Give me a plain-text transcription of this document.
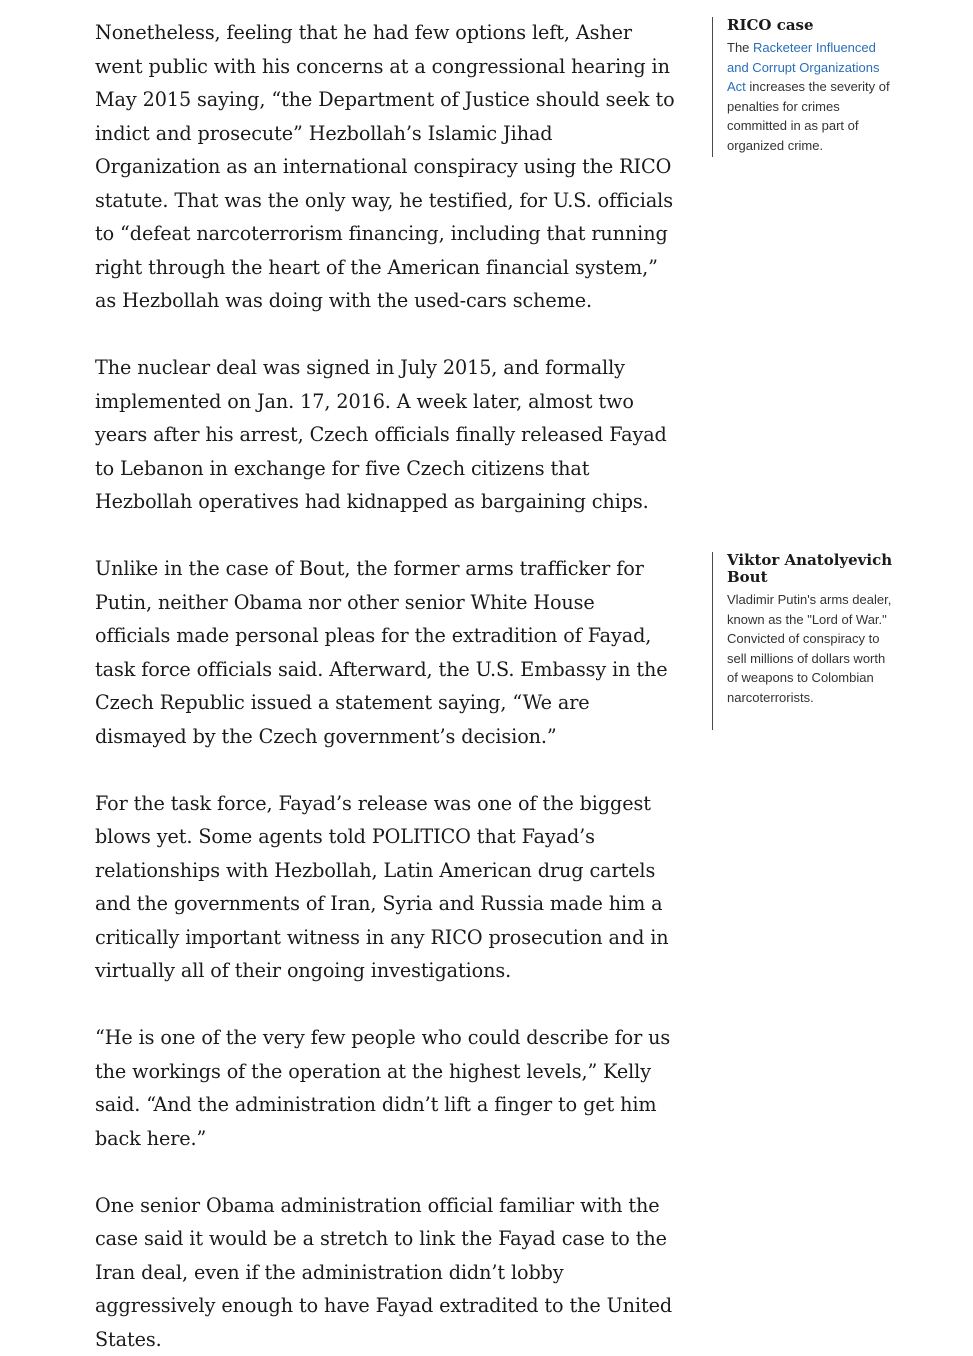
Nonetheless, feeling that he had few options left, Asher went public with his concerns at a congressional hearing in May 2015 saying, “the Department of Justice should seek to indict and prosecute” Hezbollah’s Islamic Jihad Organization as an international conspiracy using the RICO statute. That was the only way, he testified, for U.S. officials to “defeat narcoterrorism financing, including that running right through the heart of the American financial system,” as Hezbollah was doing with the used-cars scheme.

The nuclear deal was signed in July 2015, and formally implemented on Jan. 17, 2016. A week later, almost two years after his arrest, Czech officials finally released Fayad to Lebanon in exchange for five Czech citizens that Hezbollah operatives had kidnapped as bargaining chips.

Unlike in the case of Bout, the former arms trafficker for Putin, neither Obama nor other senior White House officials made personal pleas for the extradition of Fayad, task force officials said. Afterward, the U.S. Embassy in the Czech Republic issued a statement saying, “We are dismayed by the Czech government’s decision.”

For the task force, Fayad’s release was one of the biggest blows yet. Some agents told POLITICO that Fayad’s relationships with Hezbollah, Latin American drug cartels and the governments of Iran, Syria and Russia made him a critically important witness in any RICO prosecution and in virtually all of their ongoing investigations.

“He is one of the very few people who could describe for us the workings of the operation at the highest levels,” Kelly said. “And the administration didn’t lift a finger to get him back here.”

One senior Obama administration official familiar with the case said it would be a stretch to link the Fayad case to the Iran deal, even if the administration didn’t lobby aggressively enough to have Fayad extradited to the United States.

RICO case

The Racketeer Influenced and Corrupt Organizations Act increases the severity of penalties for crimes committed in as part of organized crime.

Viktor Anatolyevich Bout

Vladimir Putin's arms dealer, known as the "Lord of War." Convicted of conspiracy to sell millions of dollars worth of weapons to Colombian narcoterrorists.
